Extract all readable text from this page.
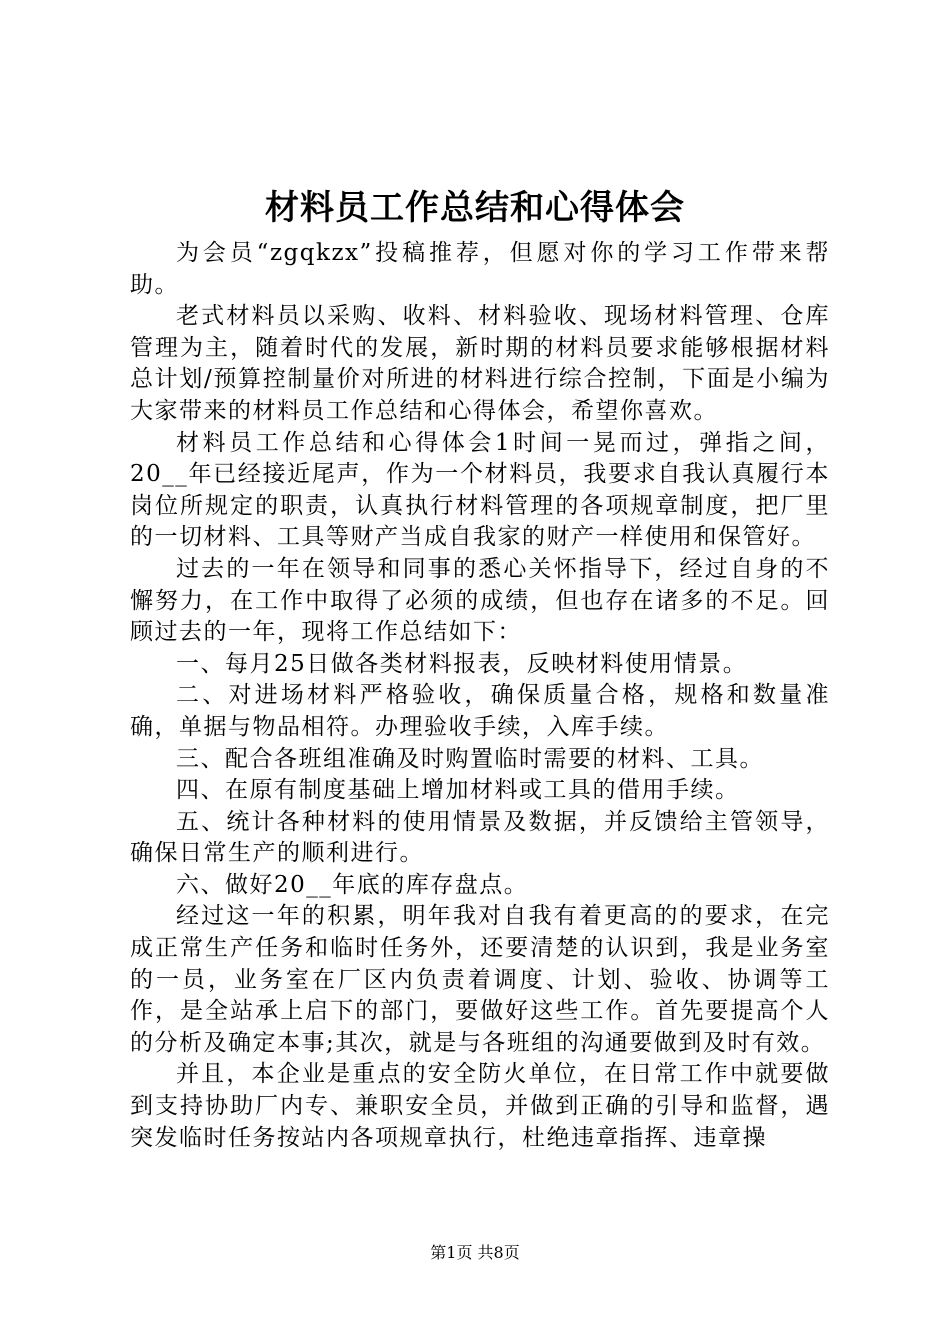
材料员工作总结和心得体会

为会员“zgqkzx”投稿推荐，但愿对你的学习工作带来帮助。

老式材料员以采购、收料、材料验收、现场材料管理、仓库管理为主，随着时代的发展，新时期的材料员要求能够根据材料总计划/预算控制量价对所进的材料进行综合控制，下面是小编为大家带来的材料员工作总结和心得体会，希望你喜欢。

材料员工作总结和心得体会1时间一晃而过，弹指之间，20__年已经接近尾声，作为一个材料员，我要求自我认真履行本岗位所规定的职责，认真执行材料管理的各项规章制度，把厂里的一切材料、工具等财产当成自我家的财产一样使用和保管好。

过去的一年在领导和同事的悉心关怀指导下，经过自身的不懈努力，在工作中取得了必须的成绩，但也存在诸多的不足。回顾过去的一年，现将工作总结如下：

一、每月25日做各类材料报表，反映材料使用情景。

二、对进场材料严格验收，确保质量合格，规格和数量准确，单据与物品相符。办理验收手续，入库手续。

三、配合各班组准确及时购置临时需要的材料、工具。

四、在原有制度基础上增加材料或工具的借用手续。

五、统计各种材料的使用情景及数据，并反馈给主管领导，确保日常生产的顺利进行。

六、做好20__年底的库存盘点。

经过这一年的积累，明年我对自我有着更高的的要求，在完成正常生产任务和临时任务外，还要清楚的认识到，我是业务室的一员，业务室在厂区内负责着调度、计划、验收、协调等工作，是全站承上启下的部门，要做好这些工作。首先要提高个人的分析及确定本事;其次，就是与各班组的沟通要做到及时有效。

并且，本企业是重点的安全防火单位，在日常工作中就要做到支持协助厂内专、兼职安全员，并做到正确的引导和监督，遇突发临时任务按站内各项规章执行，杜绝违章指挥、违章操

第1页 共8页
